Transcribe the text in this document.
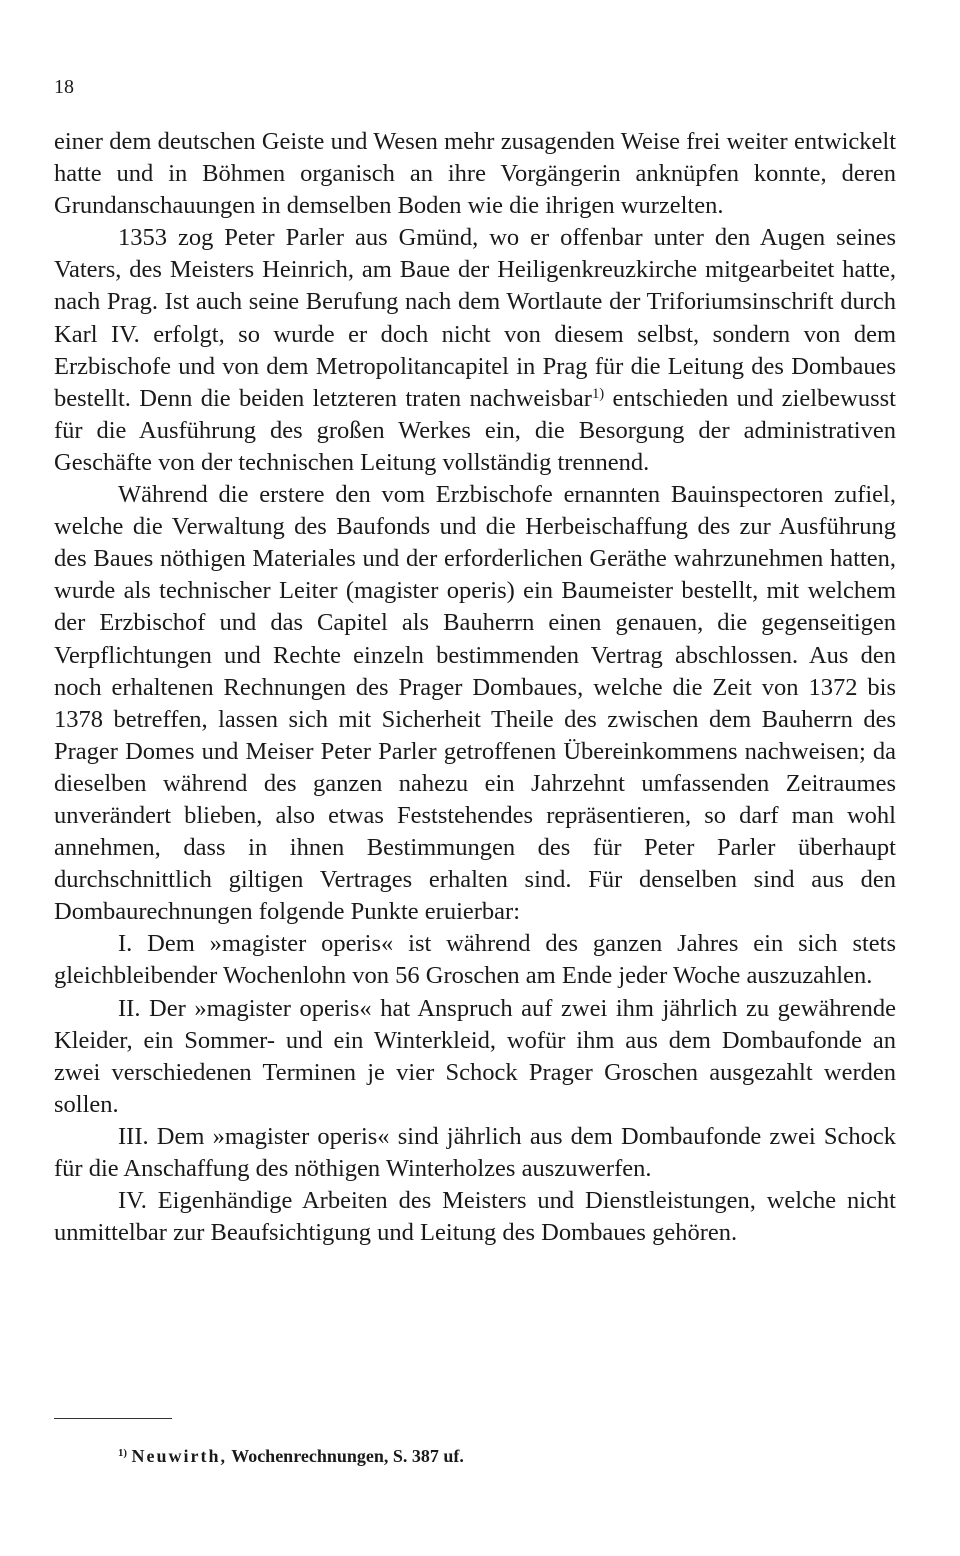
18

einer dem deutschen Geiste und Wesen mehr zusagenden Weise frei weiter entwickelt hatte und in Böhmen organisch an ihre Vorgängerin anknüpfen konnte, deren Grundanschauungen in demselben Boden wie die ihrigen wurzelten.

1353 zog Peter Parler aus Gmünd, wo er offenbar unter den Augen seines Vaters, des Meisters Heinrich, am Baue der Heiligenkreuzkirche mitgearbeitet hatte, nach Prag. Ist auch seine Berufung nach dem Wortlaute der Triforiumsinschrift durch Karl IV. erfolgt, so wurde er doch nicht von diesem selbst, sondern von dem Erzbischofe und von dem Metropolitancapitel in Prag für die Leitung des Dombaues bestellt. Denn die beiden letzteren traten nachweisbar$^{1)}$ entschieden und zielbewusst für die Ausführung des großen Werkes ein, die Besorgung der administrativen Geschäfte von der technischen Leitung vollständig trennend.

Während die erstere den vom Erzbischofe ernannten Bauinspectoren zufiel, welche die Verwaltung des Baufonds und die Herbeischaffung des zur Ausführung des Baues nöthigen Materiales und der erforderlichen Geräthe wahrzunehmen hatten, wurde als technischer Leiter (magister operis) ein Baumeister bestellt, mit welchem der Erzbischof und das Capitel als Bauherrn einen genauen, die gegenseitigen Verpflichtungen und Rechte einzeln bestimmenden Vertrag abschlossen. Aus den noch erhaltenen Rechnungen des Prager Dombaues, welche die Zeit von 1372 bis 1378 betreffen, lassen sich mit Sicherheit Theile des zwischen dem Bauherrn des Prager Domes und Meiser Peter Parler getroffenen Übereinkommens nachweisen; da dieselben während des ganzen nahezu ein Jahrzehnt umfassenden Zeitraumes unverändert blieben, also etwas Feststehendes repräsentieren, so darf man wohl annehmen, dass in ihnen Bestimmungen des für Peter Parler überhaupt durchschnittlich giltigen Vertrages erhalten sind. Für denselben sind aus den Dombaurechnungen folgende Punkte eruierbar:

I. Dem »magister operis« ist während des ganzen Jahres ein sich stets gleichbleibender Wochenlohn von 56 Groschen am Ende jeder Woche auszuzahlen.

II. Der »magister operis« hat Anspruch auf zwei ihm jährlich zu gewährende Kleider, ein Sommer- und ein Winterkleid, wofür ihm aus dem Dombaufonde an zwei verschiedenen Terminen je vier Schock Prager Groschen ausgezahlt werden sollen.

III. Dem »magister operis« sind jährlich aus dem Dombaufonde zwei Schock für die Anschaffung des nöthigen Winterholzes auszuwerfen.

IV. Eigenhändige Arbeiten des Meisters und Dienstleistungen, welche nicht unmittelbar zur Beaufsichtigung und Leitung des Dombaues gehören.

$^{1)}$ Neuwirth, Wochenrechnungen, S. 387 uf.
